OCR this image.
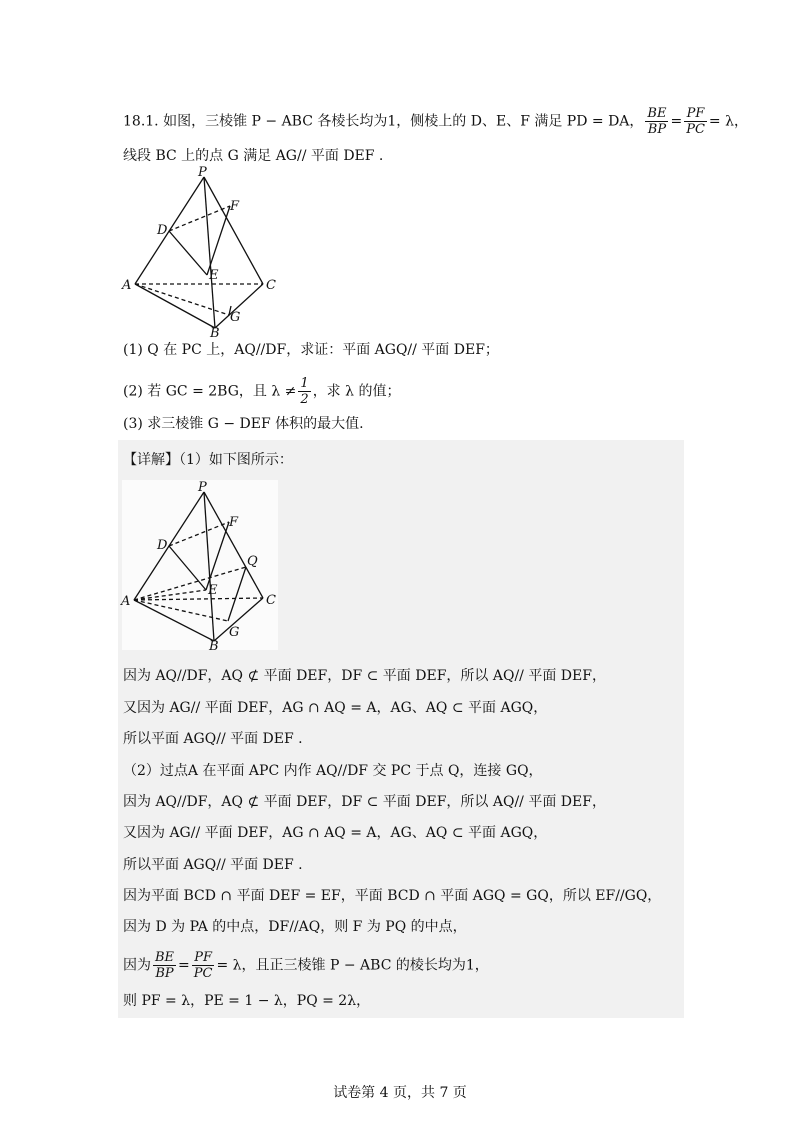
18.1. 如图，三棱锥 P − ABC 各棱长均为1，侧棱上的 D、E、F 满足 PD = DA， $\frac{BE}{BP} = \frac{PF}{PC} = \lambda$，
线段 BC 上的点 G 满足 AG// 平面 DEF .
P
D
F
E
A	C
B
G
(1) Q 在 PC 上，AQ//DF，求证：平面 AGQ// 平面 DEF；
(2) 若 GC = 2BG，且 $\lambda \ne \frac{1}{2}$ ，求 λ 的值；
(3) 求三棱锥 G − DEF 体积的最大值.
【详解】（1）如下图所示：
P
D
F
Q
E
A	C
G
B
因为 AQ//DF，AQ ⊄ 平面 DEF，DF ⊂ 平面 DEF，所以 AQ// 平面 DEF，
又因为 AG// 平面 DEF，AG ∩ AQ = A，AG、AQ ⊂ 平面 AGQ，
所以平面 AGQ// 平面 DEF .
（2）过点A 在平面 APC 内作 AQ//DF 交 PC 于点 Q，连接 GQ，
因为 AQ//DF，AQ ⊄ 平面 DEF，DF ⊂ 平面 DEF，所以 AQ// 平面 DEF，
又因为 AG// 平面 DEF，AG ∩ AQ = A，AG、AQ ⊂ 平面 AGQ，
所以平面 AGQ// 平面 DEF .
因为平面 BCD ∩ 平面 DEF = EF，平面 BCD ∩ 平面 AGQ = GQ，所以 EF//GQ，
因为 D 为 PA 的中点，DF//AQ，则 F 为 PQ 的中点，
因为 $\frac{BE}{BP} = \frac{PF}{PC} = \lambda$，且正三棱锥 P − ABC 的棱长均为1，
则 PF = λ，PE = 1 − λ，PQ = 2λ，
试卷第 4 页，共 7 页
